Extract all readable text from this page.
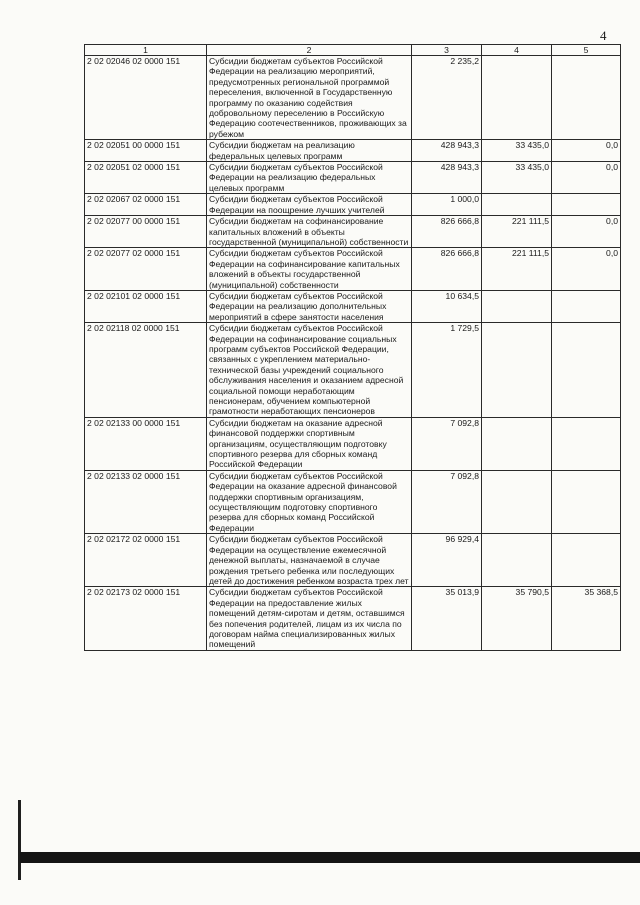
4
1	2	3	4	5
2 02 02046 02 0000 151	Субсидии бюджетам субъектов Российской Федерации на реализацию мероприятий, предусмотренных региональной программой переселения, включенной в Государственную программу по оказанию содействия добровольному переселению в Российскую Федерацию соотечественников, проживающих за рубежом	2 235,2		
2 02 02051 00 0000 151	Субсидии бюджетам на реализацию федеральных целевых программ	428 943,3	33 435,0	0,0
2 02 02051 02 0000 151	Субсидии бюджетам субъектов Российской Федерации на реализацию федеральных целевых программ	428 943,3	33 435,0	0,0
2 02 02067 02 0000 151	Субсидии бюджетам субъектов Российской Федерации на поощрение лучших учителей	1 000,0		
2 02 02077 00 0000 151	Субсидии бюджетам на софинансирование капитальных вложений в объекты государственной (муниципальной) собственности	826 666,8	221 111,5	0,0
2 02 02077 02 0000 151	Субсидии бюджетам субъектов Российской Федерации на софинансирование капитальных вложений в объекты государственной (муниципальной) собственности	826 666,8	221 111,5	0,0
2 02 02101 02 0000 151	Субсидии бюджетам субъектов Российской Федерации на реализацию дополнительных мероприятий в сфере занятости населения	10 634,5		
2 02 02118 02 0000 151	Субсидии бюджетам субъектов Российской Федерации на софинансирование социальных программ субъектов Российской Федерации, связанных с укреплением материально-технической базы учреждений социального обслуживания населения и оказанием адресной социальной помощи неработающим пенсионерам, обучением компьютерной грамотности неработающих пенсионеров	1 729,5		
2 02 02133 00 0000 151	Субсидии бюджетам на оказание адресной финансовой поддержки спортивным организациям, осуществляющим подготовку спортивного резерва для сборных команд Российской Федерации	7 092,8		
2 02 02133 02 0000 151	Субсидии бюджетам субъектов Российской Федерации на оказание адресной финансовой поддержки спортивным организациям, осуществляющим подготовку спортивного резерва для сборных команд Российской Федерации	7 092,8		
2 02 02172 02 0000 151	Субсидии бюджетам субъектов Российской Федерации на осуществление ежемесячной денежной выплаты, назначаемой в случае рождения третьего ребенка или последующих детей до достижения ребенком возраста трех лет	96 929,4		
2 02 02173 02 0000 151	Субсидии бюджетам субъектов Российской Федерации на предоставление жилых помещений детям-сиротам и детям, оставшимся без попечения родителей, лицам из их числа по договорам найма специализированных жилых помещений	35 013,9	35 790,5	35 368,5
